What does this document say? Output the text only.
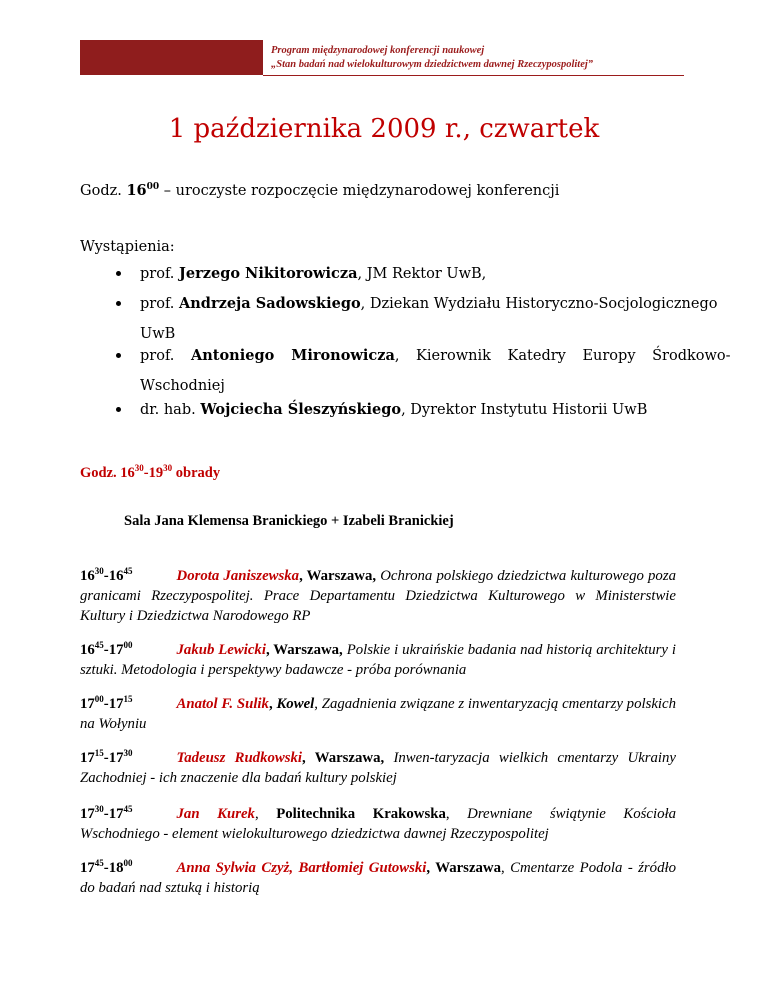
Program międzynarodowej konferencji naukowej
„Stan badań nad wielokulturowym dziedzictwem dawnej Rzeczypospolitej”
1 października 2009 r., czwartek
Godz. $16^{00}$ – uroczyste rozpoczęcie międzynarodowej konferencji
Wystąpienia:
prof. Jerzego Nikitorowicza, JM Rektor UwB,
prof. Andrzeja Sadowskiego, Dziekan Wydziału Historyczno-Socjologicznego
UwB
prof. Antoniego Mironowicza, Kierownik Katedry Europy Środkowo-
Wschodniej
dr. hab. Wojciecha Śleszyńskiego, Dyrektor Instytutu Historii UwB
Godz. $16^{30}-19^{30}$ obrady
Sala Jana Klemensa Branickiego + Izabeli Branickiej
$16^{30}-16^{45}$	Dorota Janiszewska, Warszawa, Ochrona polskiego dziedzictwa kulturowego poza granicami Rzeczypospolitej. Prace Departamentu Dziedzictwa Kulturowego w Ministerstwie Kultury i Dziedzictwa Narodowego RP
$16^{45}-17^{00}$	Jakub Lewicki, Warszawa, Polskie i ukraińskie badania nad historią architektury i sztuki. Metodologia i perspektywy badawcze - próba porównania
$17^{00}-17^{15}$	Anatol F. Sulik, Kowel, Zagadnienia związane z inwentaryzacją cmentarzy polskich na Wołyniu
$17^{15}-17^{30}$	Tadeusz Rudkowski, Warszawa, Inwen-taryzacja wielkich cmentarzy Ukrainy Zachodniej - ich znaczenie dla badań kultury polskiej
$17^{30}-17^{45}$	Jan Kurek, Politechnika Krakowska, Drewniane świątynie Kościoła Wschodniego - element wielokulturowego dziedzictwa dawnej Rzeczypospolitej
$17^{45}-18^{00}$	Anna Sylwia Czyż, Bartłomiej Gutowski, Warszawa, Cmentarze Podola - źródło do badań nad sztuką i historią
